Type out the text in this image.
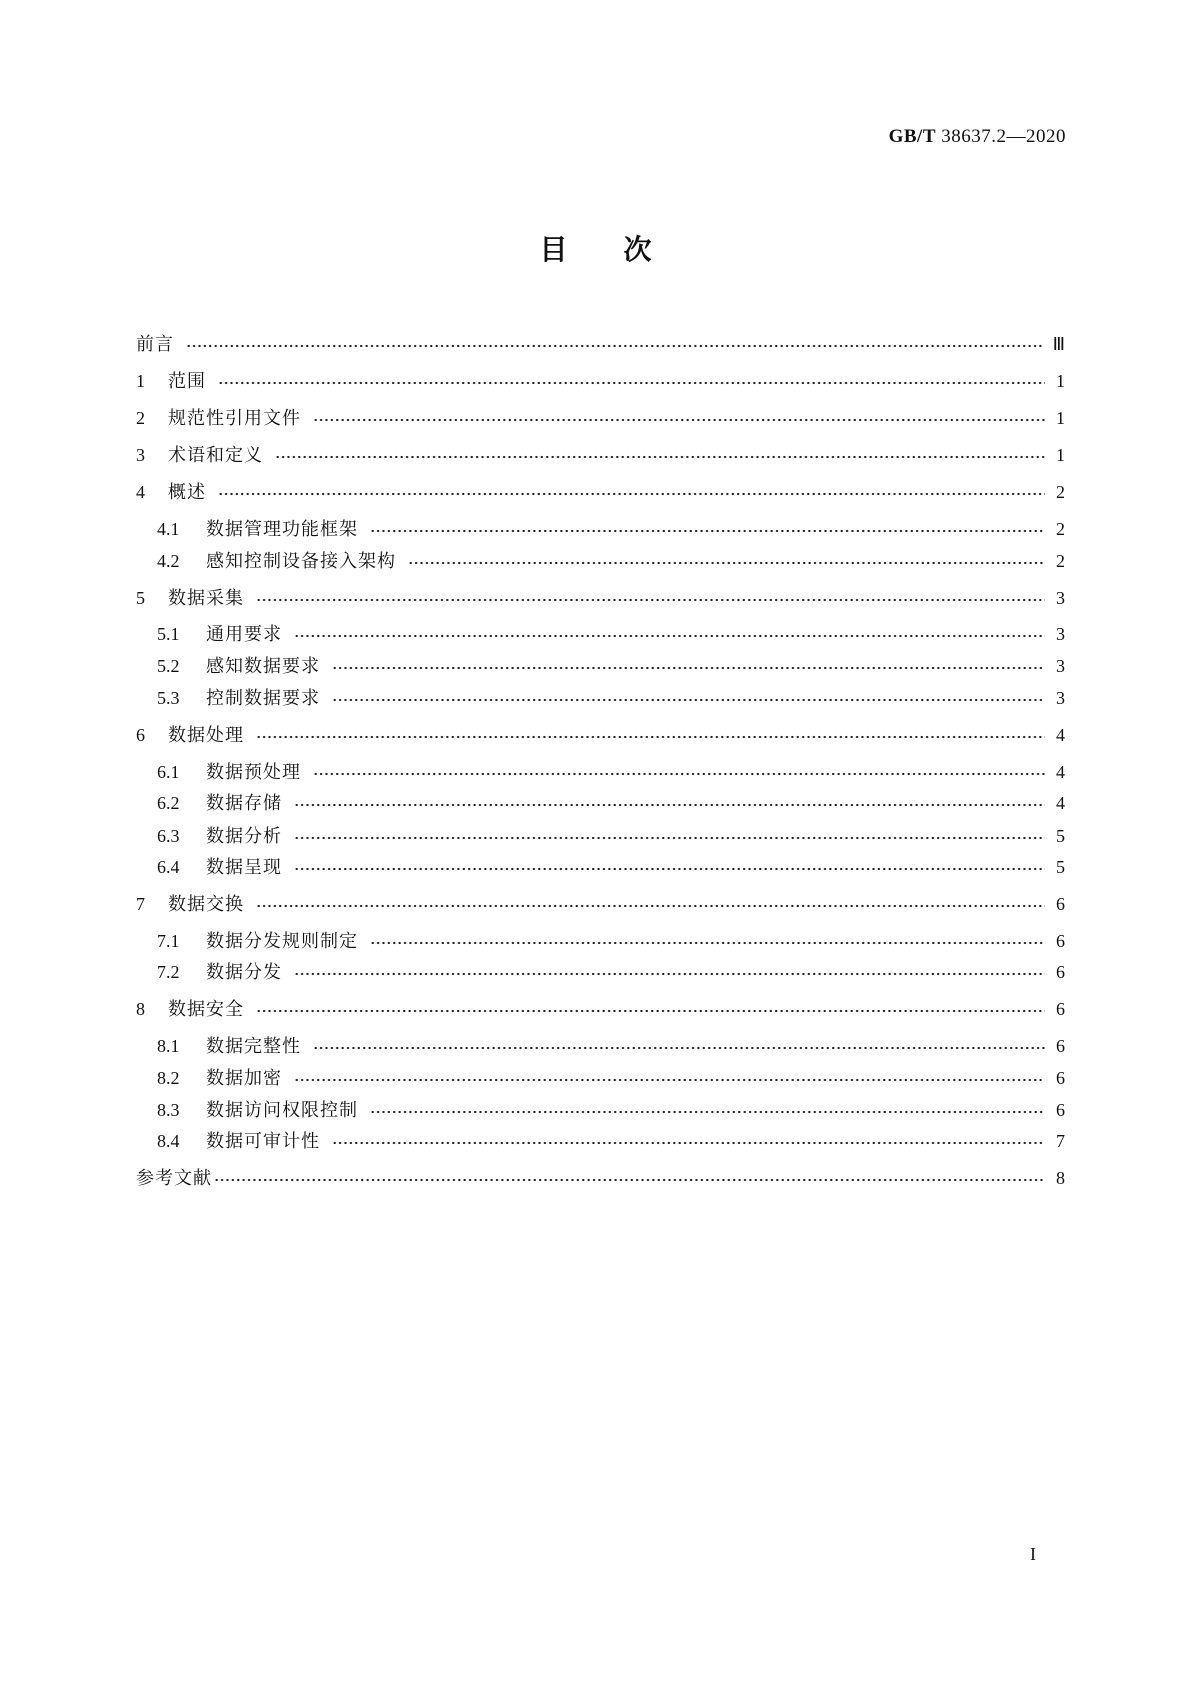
GB/T 38637.2—2020
目次
前言	Ⅲ
1	范围	1
2	规范性引用文件	1
3	术语和定义	1
4	概述	2
4.1	数据管理功能框架	2
4.2	感知控制设备接入架构	2
5	数据采集	3
5.1	通用要求	3
5.2	感知数据要求	3
5.3	控制数据要求	3
6	数据处理	4
6.1	数据预处理	4
6.2	数据存储	4
6.3	数据分析	5
6.4	数据呈现	5
7	数据交换	6
7.1	数据分发规则制定	6
7.2	数据分发	6
8	数据安全	6
8.1	数据完整性	6
8.2	数据加密	6
8.3	数据访问权限控制	6
8.4	数据可审计性	7
参考文献	8
I
